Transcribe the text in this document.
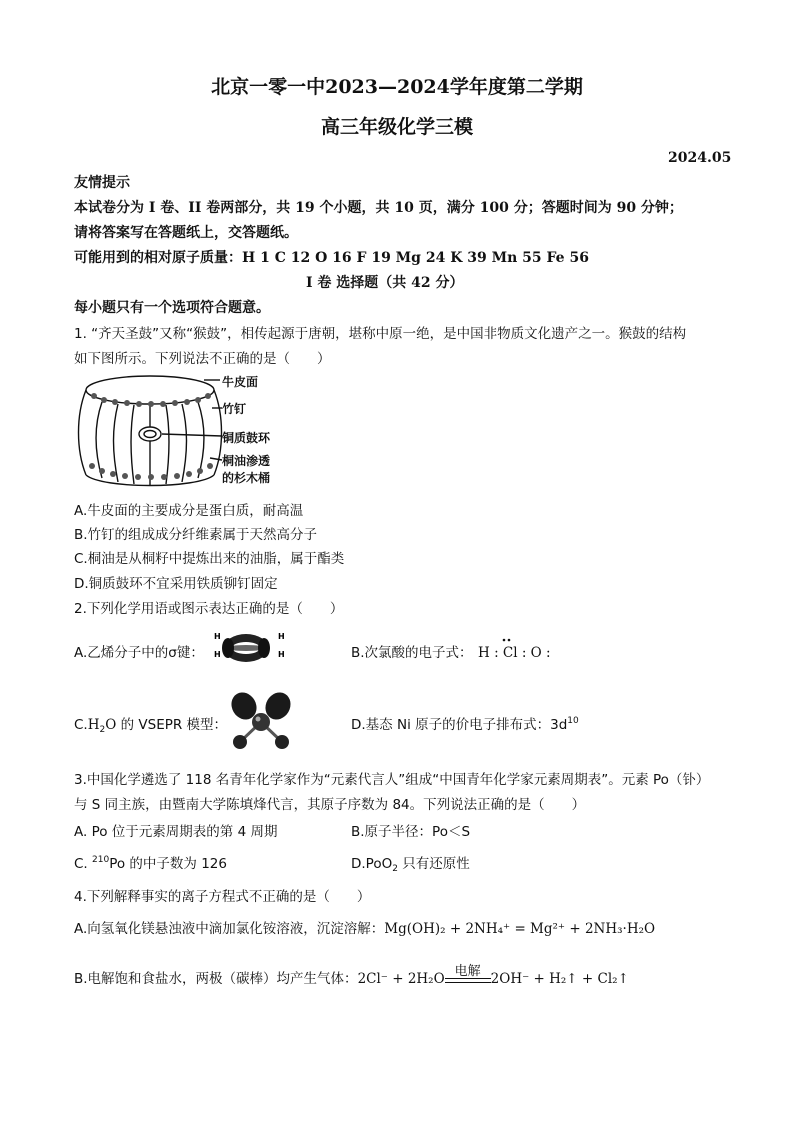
北京一零一中2023—2024学年度第二学期
高三年级化学三模
2024.05
友情提示
本试卷分为 I 卷、II 卷两部分，共 19 个小题，共 10 页，满分 100 分；答题时间为 90 分钟；
请将答案写在答题纸上，交答题纸。
可能用到的相对原子质量：H 1 C 12 O 16 F 19 Mg 24 K 39 Mn 55 Fe 56
I 卷 选择题（共 42 分）
每小题只有一个选项符合题意。
1. “齐天圣鼓”又称“猴鼓”，相传起源于唐朝，堪称中原一绝，是中国非物质文化遗产之一。猴鼓的结构
如下图所示。下列说法不正确的是（　　）
牛皮面
竹钉
铜质鼓环
桐油渗透
的杉木桶
A.牛皮面的主要成分是蛋白质，耐高温
B.竹钉的组成成分纤维素属于天然高分子
C.桐油是从桐籽中提炼出来的油脂，属于酯类
D.铜质鼓环不宜采用铁质铆钉固定
2.下列化学用语或图示表达正确的是（　　）
A.乙烯分子中的σ键：
H
H
H
H	B.次氯酸的电子式： H : Cl : O :
$C.H_2O$ 的 VSEPR 模型：	D.基态 Ni 原子的价电子排布式：$3d^{10}$
3.中国化学遴选了 118 名青年化学家作为“元素代言人”组成“中国青年化学家元素周期表”。元素 Po（钋）
与 S 同主族，由暨南大学陈填烽代言，其原子序数为 84。下列说法正确的是（　　）
A. Po 位于元素周期表的第 4 周期	B.原子半径：Po＜S
C. $^{210}$Po 的中子数为 126	D.PoO$_2$ 只有还原性
4.下列解释事实的离子方程式不正确的是（　　）
A.向氢氧化镁悬浊液中滴加氯化铵溶液，沉淀溶解：Mg(OH)₂ + 2NH₄⁺ = Mg²⁺ + 2NH₃·H₂O
B.电解饱和食盐水，两极（碳棒）均产生气体：2Cl⁻ + 2H₂O 电解 2OH⁻ + H₂↑ + Cl₂↑
